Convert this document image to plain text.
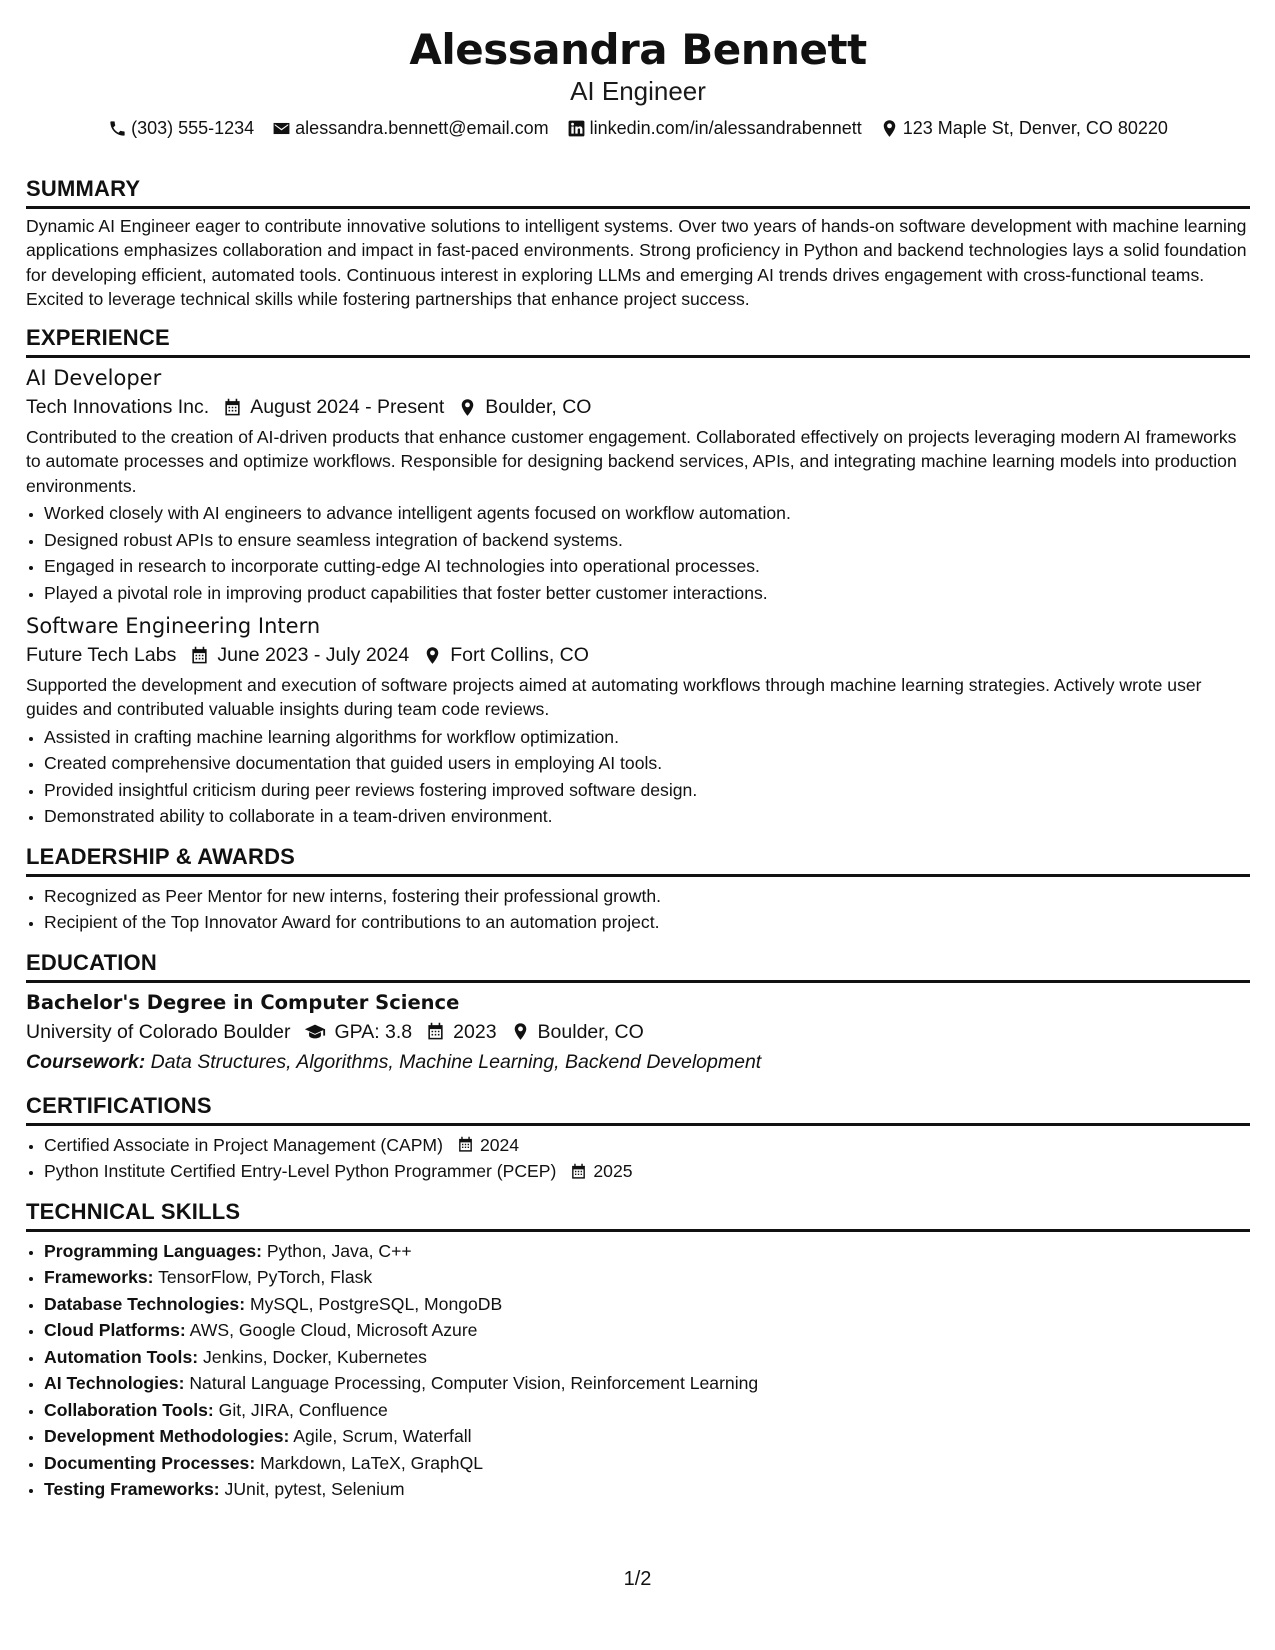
Alessandra Bennett
AI Engineer
(303) 555-1234 alessandra.bennett@email.com linkedin.com/in/alessandrabennett 123 Maple St, Denver, CO 80220
SUMMARY

Dynamic AI Engineer eager to contribute innovative solutions to intelligent systems. Over two years of hands-on software development with machine learning applications emphasizes collaboration and impact in fast-paced environments. Strong proficiency in Python and backend technologies lays a solid foundation for developing efficient, automated tools. Continuous interest in exploring LLMs and emerging AI trends drives engagement with cross-functional teams. Excited to leverage technical skills while fostering partnerships that enhance project success.

EXPERIENCE
AI Developer
Tech Innovations Inc. August 2024 - Present Boulder, CO

Contributed to the creation of AI-driven products that enhance customer engagement. Collaborated effectively on projects leveraging modern AI frameworks to automate processes and optimize workflows. Responsible for designing backend services, APIs, and integrating machine learning models into production environments.

• Worked closely with AI engineers to advance intelligent agents focused on workflow automation.
• Designed robust APIs to ensure seamless integration of backend systems.
• Engaged in research to incorporate cutting-edge AI technologies into operational processes.
• Played a pivotal role in improving product capabilities that foster better customer interactions.
Software Engineering Intern
Future Tech Labs June 2023 - July 2024 Fort Collins, CO

Supported the development and execution of software projects aimed at automating workflows through machine learning strategies. Actively wrote user guides and contributed valuable insights during team code reviews.

• Assisted in crafting machine learning algorithms for workflow optimization.
• Created comprehensive documentation that guided users in employing AI tools.
• Provided insightful criticism during peer reviews fostering improved software design.
• Demonstrated ability to collaborate in a team-driven environment.
LEADERSHIP & AWARDS
• Recognized as Peer Mentor for new interns, fostering their professional growth.
• Recipient of the Top Innovator Award for contributions to an automation project.
EDUCATION
Bachelor's Degree in Computer Science
University of Colorado Boulder GPA: 3.8 2023 Boulder, CO
Coursework: Data Structures, Algorithms, Machine Learning, Backend Development
CERTIFICATIONS
• Certified Associate in Project Management (CAPM) 2024
• Python Institute Certified Entry-Level Python Programmer (PCEP) 2025
TECHNICAL SKILLS
• Programming Languages: Python, Java, C++
• Frameworks: TensorFlow, PyTorch, Flask
• Database Technologies: MySQL, PostgreSQL, MongoDB
• Cloud Platforms: AWS, Google Cloud, Microsoft Azure
• Automation Tools: Jenkins, Docker, Kubernetes
• AI Technologies: Natural Language Processing, Computer Vision, Reinforcement Learning
• Collaboration Tools: Git, JIRA, Confluence
• Development Methodologies: Agile, Scrum, Waterfall
• Documenting Processes: Markdown, LaTeX, GraphQL
• Testing Frameworks: JUnit, pytest, Selenium
1/2
